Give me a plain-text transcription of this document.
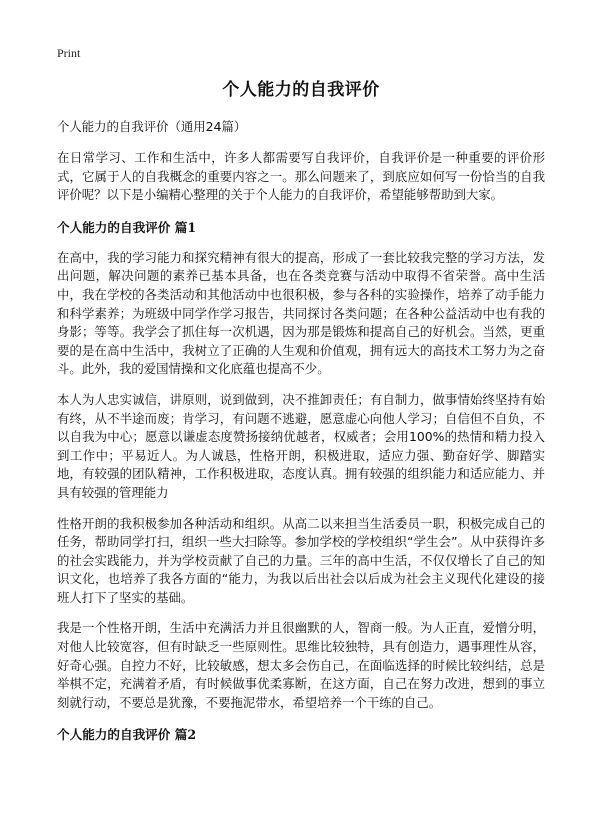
Print
个人能力的自我评价
个人能力的自我评价（通用24篇）

在日常学习、工作和生活中，许多人都需要写自我评价，自我评价是一种重要的评价形式，它属于人的自我概念的重要内容之一。那么问题来了，到底应如何写一份恰当的自我评价呢？以下是小编精心整理的关于个人能力的自我评价，希望能够帮助到大家。

个人能力的自我评价 篇1

在高中，我的学习能力和探究精神有很大的提高，形成了一套比较我完整的学习方法，发出问题，解决问题的素养已基本具备，也在各类竞赛与活动中取得不省荣誉。高中生活中，我在学校的各类活动和其他活动中也很积极，参与各科的实验操作，培养了动手能力和科学素养；为班级中同学作学习报告，共同探讨各类问题；在各种公益活动中也有我的身影；等等。我学会了抓住每一次机遇，因为那是锻炼和提高自己的好机会。当然，更重要的是在高中生活中，我树立了正确的人生观和价值观，拥有远大的高技术工努力为之奋斗。此外，我的爱国情操和文化底蕴也提高不少。

本人为人忠实诚信，讲原则，说到做到，决不推卸责任；有自制力，做事情始终坚持有始有终，从不半途而废；肯学习，有问题不逃避，愿意虚心向他人学习；自信但不自负，不以自我为中心；愿意以谦虚态度赞扬接纳优越者，权威者；会用100%的热情和精力投入到工作中；平易近人。为人诚恳，性格开朗，积极进取，适应力强、勤奋好学、脚踏实地，有较强的团队精神，工作积极进取，态度认真。拥有较强的组织能力和适应能力、并具有较强的管理能力

性格开朗的我积极参加各种活动和组织。从高二以来担当生活委员一职，积极完成自己的任务，帮助同学打扫，组织一些大扫除等。参加学校的学校组织“学生会”。从中获得许多的社会实践能力，并为学校贡献了自己的力量。三年的高中生活，不仅仅增长了自己的知识文化，也培养了我各方面的“能力，为我以后出社会以后成为社会主义现代化建设的接班人打下了坚实的基础。

我是一个性格开朗，生活中充满活力并且很幽默的人，智商一般。为人正直，爱憎分明，对他人比较宽容，但有时缺乏一些原则性。思维比较独特，具有创造力，遇事理性从容，好奇心强。自控力不好，比较敏感，想太多会伤自己，在面临选择的时候比较纠结，总是举棋不定，充满着矛盾，有时候做事优柔寡断，在这方面，自己在努力改进，想到的事立刻就行动，不要总是犹豫，不要拖泥带水，希望培养一个干练的自己。

个人能力的自我评价 篇2
